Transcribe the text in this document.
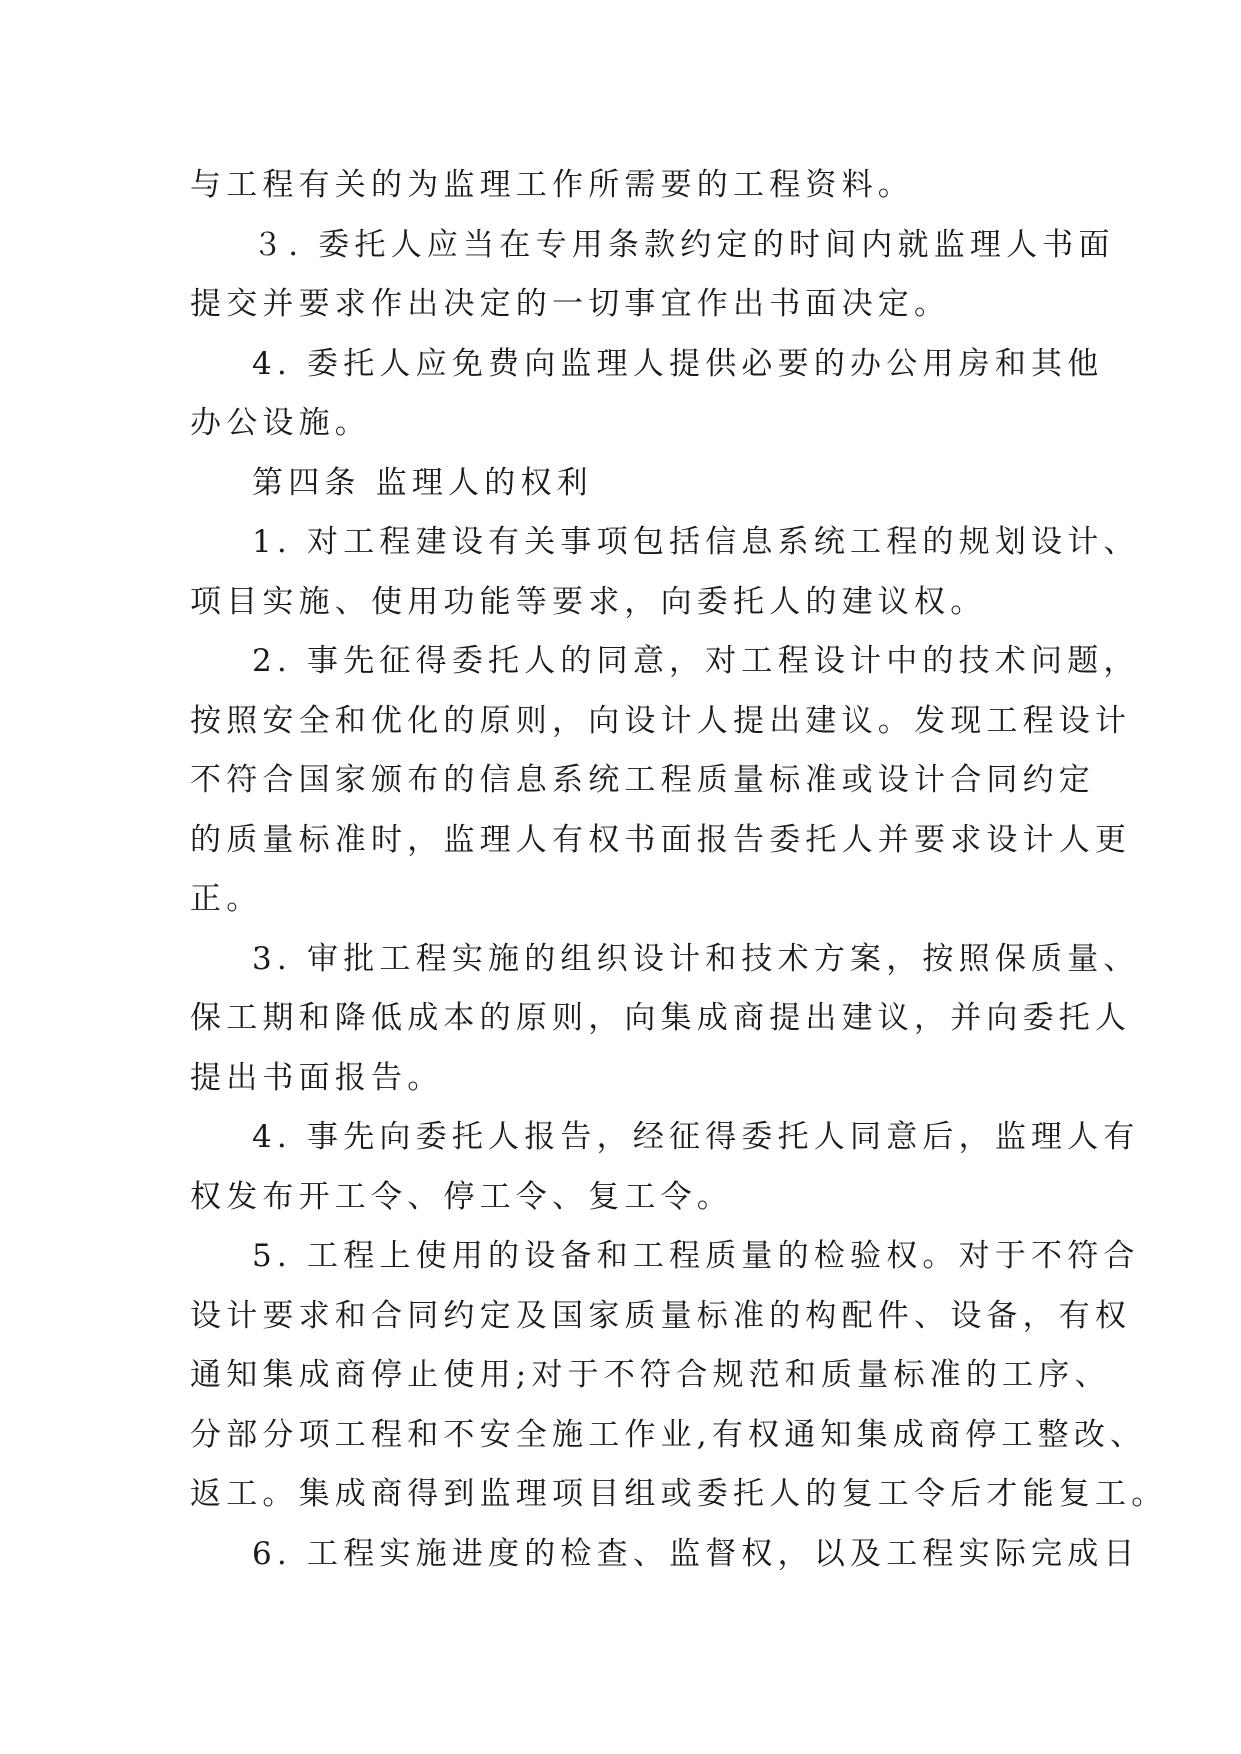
与工程有关的为监理工作所需要的工程资料。
３. 委托人应当在专用条款约定的时间内就监理人书面
提交并要求作出决定的一切事宜作出书面决定。
4. 委托人应免费向监理人提供必要的办公用房和其他
办公设施。
第四条 监理人的权利
1. 对工程建设有关事项包括信息系统工程的规划设计、
项目实施、使用功能等要求，向委托人的建议权。
2. 事先征得委托人的同意，对工程设计中的技术问题，
按照安全和优化的原则，向设计人提出建议。发现工程设计
不符合国家颁布的信息系统工程质量标准或设计合同约定
的质量标准时，监理人有权书面报告委托人并要求设计人更
正。
3. 审批工程实施的组织设计和技术方案，按照保质量、
保工期和降低成本的原则，向集成商提出建议，并向委托人
提出书面报告。
4. 事先向委托人报告，经征得委托人同意后，监理人有
权发布开工令、停工令、复工令。
5. 工程上使用的设备和工程质量的检验权。对于不符合
设计要求和合同约定及国家质量标准的构配件、设备，有权
通知集成商停止使用;对于不符合规范和质量标准的工序、
分部分项工程和不安全施工作业,有权通知集成商停工整改、
返工。集成商得到监理项目组或委托人的复工令后才能复工。
6. 工程实施进度的检查、监督权，以及工程实际完成日
